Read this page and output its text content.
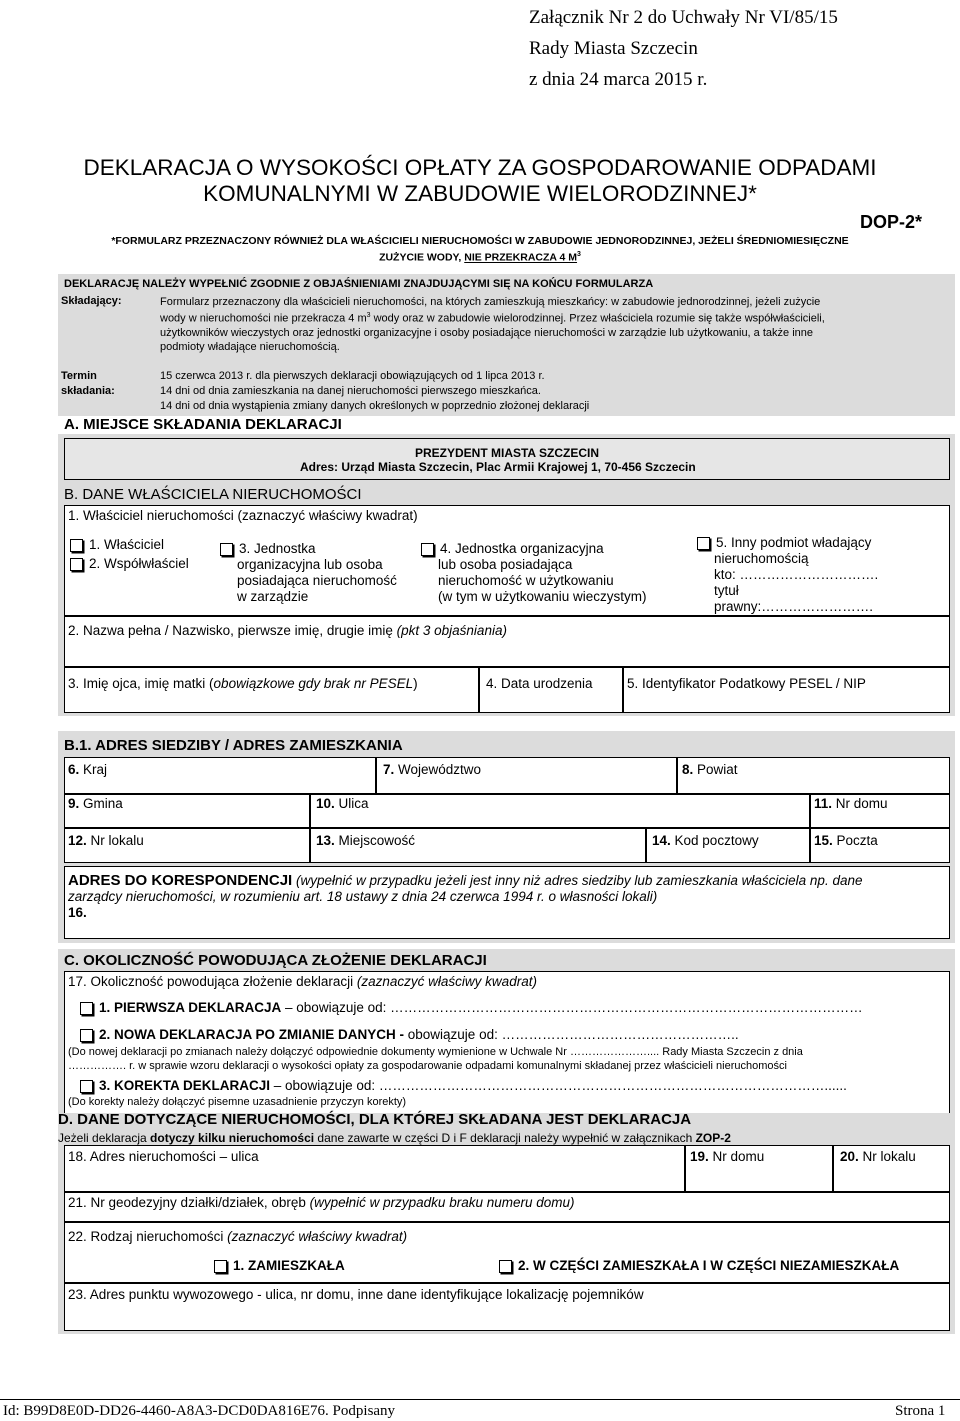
Załącznik Nr 2 do Uchwały Nr VI/85/15
Rady Miasta Szczecin
z dnia 24 marca 2015 r.
DEKLARACJA O WYSOKOŚCI OPŁATY ZA GOSPODAROWANIE ODPADAMI
KOMUNALNYMI W ZABUDOWIE WIELORODZINNEJ*
DOP-2*
*FORMULARZ PRZEZNACZONY RÓWNIEŻ DLA WŁAŚCICIELI NIERUCHOMOŚCI W ZABUDOWIE JEDNORODZINNEJ, JEŻELI ŚREDNIOMIESIĘCZNE
ZUŻYCIE WODY, NIE PRZEKRACZA 4 $M^3$
DEKLARACJĘ NALEŻY WYPEŁNIĆ ZGODNIE Z OBJAŚNIENIAMI ZNAJDUJĄCYMI SIĘ NA KOŃCU FORMULARZA
Składający:	Formularz przeznaczony dla właścicieli nieruchomości, na których zamieszkują mieszkańcy: w zabudowie jednorodzinnej, jeżeli zużycie
wody w nieruchomości nie przekracza 4 $m^3$ wody oraz w zabudowie wielorodzinnej. Przez właściciela rozumie się także współwłaścicieli,
użytkowników wieczystych oraz jednostki organizacyjne i osoby posiadające nieruchomości w zarządzie lub użytkowaniu, a także inne
podmioty władające nieruchomością.
Termin
składania:
15 czerwca 2013 r. dla pierwszych deklaracji obowiązujących od 1 lipca 2013 r.
14 dni od dnia zamieszkania na danej nieruchomości pierwszego mieszkańca.
14 dni od dnia wystąpienia zmiany danych określonych w poprzednio złożonej deklaracji
A. MIEJSCE SKŁADANIA DEKLARACJI
PREZYDENT MIASTA SZCZECIN
Adres: Urząd Miasta Szczecin, Plac Armii Krajowej 1, 70-456 Szczecin
B. DANE WŁAŚCICIELA NIERUCHOMOŚCI
1. Właściciel nieruchomości (zaznaczyć właściwy kwadrat)
1. Właściciel
2. Współwłaściel
3. Jednostka
organizacyjna lub osoba
posiadająca nieruchomość
w zarządzie
4. Jednostka organizacyjna
lub osoba posiadająca
nieruchomość w użytkowaniu
(w tym w użytkowaniu wieczystym)
5. Inny podmiot władający
nieruchomością
kto: ………………………….
tytuł
prawny:…………………….
2. Nazwa pełna / Nazwisko, pierwsze imię, drugie imię (pkt 3 objaśniania)
3. Imię ojca, imię matki (obowiązkowe gdy brak nr PESEL)	4. Data urodzenia	5. Identyfikator Podatkowy PESEL / NIP
B.1. ADRES SIEDZIBY / ADRES ZAMIESZKANIA
6. Kraj	7. Województwo	8. Powiat
9. Gmina	10. Ulica	11. Nr domu
12. Nr lokalu	13. Miejscowość	14. Kod pocztowy	15. Poczta
ADRES DO KORESPONDENCJI (wypełnić w przypadku jeżeli jest inny niż adres siedziby lub zamieszkania właściciela np. dane
zarządcy nieruchomości, w rozumieniu art. 18 ustawy z dnia 24 czerwca 1994 r. o własności lokali)
16.
C. OKOLICZNOŚĆ POWODUJĄCA ZŁOŻENIE DEKLARACJI
17. Okoliczność powodująca złożenie deklaracji (zaznaczyć właściwy kwadrat)
1. PIERWSZA DEKLARACJA – obowiązuje od: ……………………………………………………………………………………………
2. NOWA DEKLARACJA PO ZMIANIE DANYCH - obowiązuje od: ……………………………………………..
(Do nowej deklaracji po zmianach należy dołączyć odpowiednie dokumenty wymienione w Uchwale Nr ………………….... Rady Miasta Szczecin z dnia
……………. r. w sprawie wzoru deklaracji o wysokości opłaty za gospodarowanie odpadami komunalnymi składanej przez właścicieli nieruchomości
3. KOREKTA DEKLARACJI – obowiązuje od: ………………………………………………………………………………………......
(Do korekty należy dołączyć pisemne uzasadnienie przyczyn korekty)
D. DANE DOTYCZĄCE NIERUCHOMOŚCI, DLA KTÓREJ SKŁADANA JEST DEKLARACJA
Jeżeli deklaracja dotyczy kilku nieruchomości dane zawarte w części D i F deklaracji należy wypełnić w załącznikach ZOP-2
18. Adres nieruchomości – ulica	19. Nr domu	20. Nr lokalu
21. Nr geodezyjny działki/działek, obręb (wypełnić w przypadku braku numeru domu)
22. Rodzaj nieruchomości (zaznaczyć właściwy kwadrat)
1. ZAMIESZKAŁA	2. W CZĘŚCI ZAMIESZKAŁA I W CZĘŚCI NIEZAMIESZKAŁA
23. Adres punktu wywozowego - ulica, nr domu, inne dane identyfikujące lokalizację pojemników
Id: B99D8E0D-DD26-4460-A8A3-DCD0DA816E76. Podpisany	Strona 1
